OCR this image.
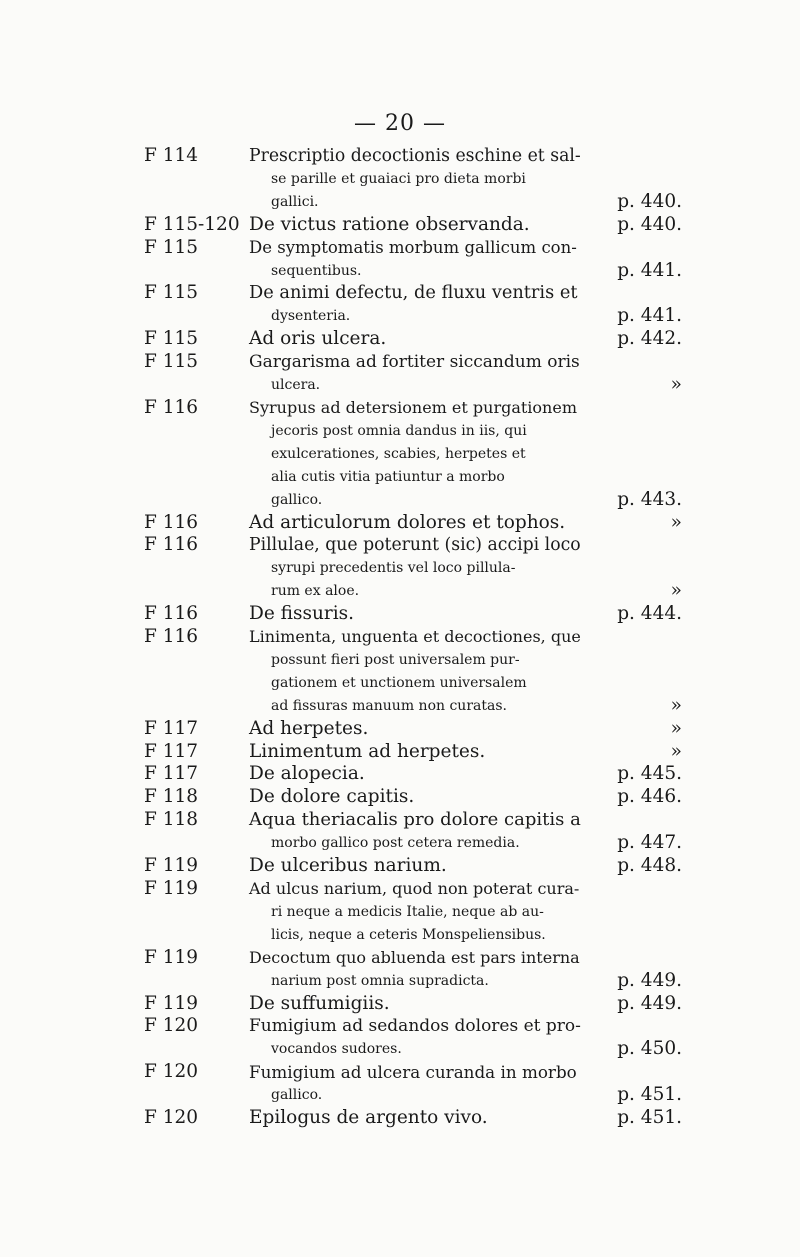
— 20 —
F 114	Prescriptio decoctionis eschine et sal-
se parille et guaiaci pro dieta morbi
gallici.	p. 440.
F 115-120 De victus ratione observanda.	p. 440.
F 115	De symptomatis morbum gallicum con-
sequentibus.	p. 441.
F 115	De animi defectu, de fluxu ventris et
dysenteria.	p. 441.
F 115	Ad oris ulcera.	p. 442.
F 115	Gargarisma ad fortiter siccandum oris
ulcera.	»
F 116	Syrupus ad detersionem et purgationem
jecoris post omnia dandus in iis, qui
exulcerationes, scabies, herpetes et
alia cutis vitia patiuntur a morbo
gallico.	p. 443.
F 116	Ad articulorum dolores et tophos.	»
F 116	Pillulae, que poterunt (sic) accipi loco
syrupi precedentis vel loco pillula-
rum ex aloe.	»
F 116	De fissuris.	p. 444.
F 116	Linimenta, unguenta et decoctiones, que
possunt fieri post universalem pur-
gationem et unctionem universalem
ad fissuras manuum non curatas.	»
F 117	Ad herpetes.	»
F 117	Linimentum ad herpetes.	»
F 117	De alopecia.	p. 445.
F 118	De dolore capitis.	p. 446.
F 118	Aqua theriacalis pro dolore capitis a
morbo gallico post cetera remedia.	p. 447.
F 119	De ulceribus narium.	p. 448.
F 119	Ad ulcus narium, quod non poterat cura-
ri neque a medicis Italie, neque ab au-
licis, neque a ceteris Monspeliensibus.
F 119	Decoctum quo abluenda est pars interna
narium post omnia supradicta.	p. 449.
F 119	De suffumigiis.	p. 449.
F 120	Fumigium ad sedandos dolores et pro-
vocandos sudores.	p. 450.
F 120	Fumigium ad ulcera curanda in morbo
gallico.	p. 451.
F 120	Epilogus de argento vivo.	p. 451.
